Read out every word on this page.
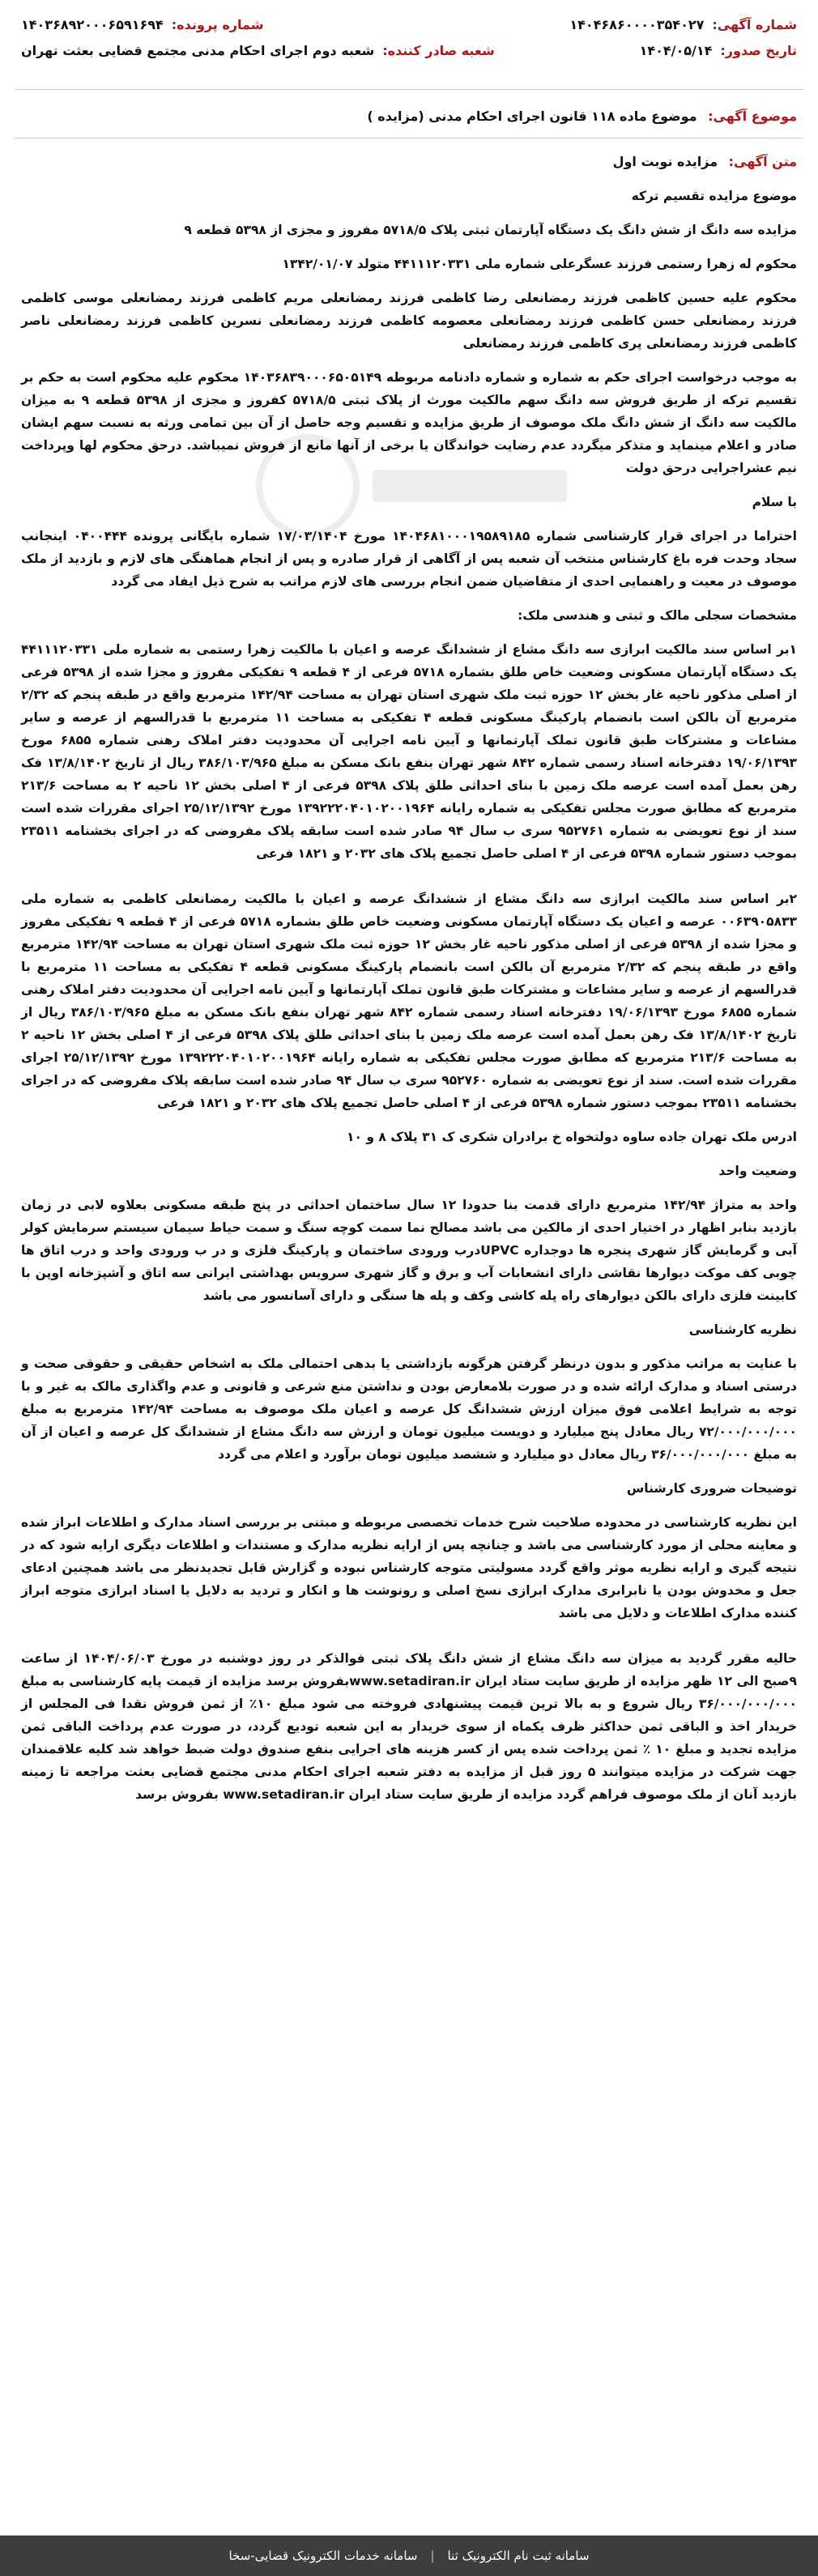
شماره آگهی:
۱۴۰۴۶۸۶۰۰۰۰۳۵۴۰۲۷
شماره پرونده:
۱۴۰۳۶۸۹۲۰۰۰۶۵۹۱۶۹۴
تاریخ صدور:
۱۴۰۴/۰۵/۱۴
شعبه صادر کننده:
شعبه دوم اجرای احکام مدنی مجتمع قضایی بعثت تهران
موضوع آگهی: موضوع ماده ۱۱۸ قانون اجرای احکام مدنی (مزایده )
متن آگهی: مزایده نوبت اول

موضوع مزایده تقسیم ترکه

مزایده سه دانگ از شش دانگ یک دستگاه آپارتمان ثبتی پلاک ۵۷۱۸/۵ مفروز و مجزی از ۵۳۹۸ قطعه ۹

محکوم له زهرا رستمی فرزند عسگرعلی شماره ملی ۴۴۱۱۱۲۰۳۳۱ متولد ۱۳۴۲/۰۱/۰۷

محکوم علیه حسین کاظمی فرزند رمضانعلی رضا کاظمی فرزند رمضانعلی مریم کاظمی فرزند رمضانعلی موسی کاظمی فرزند رمضانعلی حسن کاظمی فرزند رمضانعلی معصومه کاظمی فرزند رمضانعلی نسرین کاظمی فرزند رمضانعلی ناصر کاظمی فرزند رمضانعلی پری کاظمی فرزند رمضانعلی

به موجب درخواست اجرای حکم به شماره و شماره دادنامه مربوطه ۱۴۰۳۶۸۳۹۰۰۰۶۵۰۵۱۴۹ محکوم علیه محکوم است به حکم بر تقسیم ترکه از طریق فروش سه دانگ سهم مالکیت مورث از پلاک ثبتی ۵۷۱۸/۵ کفروز و مجزی از ۵۳۹۸ قطعه ۹ به میزان مالکیت سه دانگ از شش دانگ ملک موصوف از طریق مزایده و تقسیم وجه حاصل از آن بین تمامی ورثه به نسبت سهم ایشان صادر و اعلام مینماید و متذکر میگردد عدم رضایت خواندگان یا برخی از آنها مانع از فروش نمیباشد. درحق محکوم لها وپرداخت نیم عشراجرایی درحق دولت

با سلام

احتراما در اجرای قرار کارشناسی شماره ۱۴۰۴۶۸۱۰۰۰۱۹۵۸۹۱۸۵ مورخ ۱۷/۰۳/۱۴۰۴ شماره بایگانی پرونده ۰۴۰۰۴۴۴ اینجانب سجاد وحدت فره باغ کارشناس منتخب آن شعبه پس از آگاهی از قرار صادره و پس از انجام هماهنگی های لازم و بازدید از ملک موصوف در معیت و راهنمایی احدی از متقاضیان ضمن انجام بررسی های لازم مراتب به شرح ذیل ایفاد می گردد

مشخصات سجلی مالک و ثبتی و هندسی ملک:

۱بر اساس سند مالکیت ابرازی سه دانگ مشاع از ششدانگ عرصه و اعیان با مالکیت زهرا رستمی به شماره ملی ۴۴۱۱۱۲۰۳۳۱ یک دستگاه آپارتمان مسکونی وضعیت خاص طلق بشماره ۵۷۱۸ فرعی از ۴ قطعه ۹ تفکیکی مفروز و مجزا شده از ۵۳۹۸ فرعی از اصلی مذکور ناحیه غار بخش ۱۲ حوزه ثبت ملک شهری استان تهران به مساحت ۱۴۲/۹۴ مترمربع واقع در طبقه پنجم که ۲/۳۲ مترمربع آن بالکن است بانضمام پارکینگ مسکونی قطعه ۴ تفکیکی به مساحت ۱۱ مترمربع با قدرالسهم از عرصه و سایر مشاعات و مشترکات طبق قانون تملک آپارتمانها و آیین نامه اجرایی آن محدودیت دفتر املاک رهنی شماره ۶۸۵۵ مورخ ۱۹/۰۶/۱۳۹۳ دفترخانه اسناد رسمی شماره ۸۴۲ شهر تهران بنفع بانک مسکن به مبلغ ۳۸۶/۱۰۳/۹۶۵ ریال از تاریخ ۱۳/۸/۱۴۰۲ فک رهن بعمل آمده است عرصه ملک زمین با بنای احداثی طلق پلاک ۵۳۹۸ فرعی از ۴ اصلی بخش ۱۲ ناحیه ۲ به مساحت ۲۱۳/۶ مترمربع که مطابق صورت مجلس تفکیکی به شماره رایانه ۱۳۹۲۲۲۰۴۰۱۰۲۰۰۱۹۶۴ مورخ ۲۵/۱۲/۱۳۹۲ اجرای مقررات شده است سند از نوع تعویضی به شماره ۹۵۲۷۶۱ سری ب سال ۹۴ صادر شده است سابقه پلاک مفروضی که در اجرای بخشنامه ۲۳۵۱۱ بموجب دستور شماره ۵۳۹۸ فرعی از ۴ اصلی حاصل تجمیع پلاک های ۲۰۳۲ و ۱۸۲۱ فرعی

۲بر اساس سند مالکیت ابرازی سه دانگ مشاع از ششدانگ عرصه و اعیان با مالکیت رمضانعلی کاظمی به شماره ملی ۰۰۶۳۹۰۵۸۳۳ عرصه و اعیان یک دستگاه آپارتمان مسکونی وضعیت خاص طلق بشماره ۵۷۱۸ فرعی از ۴ قطعه ۹ تفکیکی مفروز و مجزا شده از ۵۳۹۸ فرعی از اصلی مذکور ناحیه غار بخش ۱۲ حوزه ثبت ملک شهری استان تهران به مساحت ۱۴۲/۹۴ مترمربع واقع در طبقه پنجم که ۲/۳۲ مترمربع آن بالکن است بانضمام پارکینگ مسکونی قطعه ۴ تفکیکی به مساحت ۱۱ مترمربع با قدرالسهم از عرصه و سایر مشاعات و مشترکات طبق قانون تملک آپارتمانها و آیین نامه اجرایی آن محدودیت دفتر املاک رهنی شماره ۶۸۵۵ مورخ ۱۹/۰۶/۱۳۹۳ دفترخانه اسناد رسمی شماره ۸۴۲ شهر تهران بنفع بانک مسکن به مبلغ ۳۸۶/۱۰۳/۹۶۵ ریال از تاریخ ۱۳/۸/۱۴۰۲ فک رهن بعمل آمده است عرصه ملک زمین با بنای احداثی طلق پلاک ۵۳۹۸ فرعی از ۴ اصلی بخش ۱۲ ناحیه ۲ به مساحت ۲۱۳/۶ مترمربع که مطابق صورت مجلس تفکیکی به شماره رایانه ۱۳۹۲۲۲۰۴۰۱۰۲۰۰۱۹۶۴ مورخ ۲۵/۱۲/۱۳۹۲ اجرای مقررات شده است. سند از نوع تعویضی به شماره ۹۵۲۷۶۰ سری ب سال ۹۴ صادر شده است سابقه پلاک مفروضی که در اجرای بخشنامه ۲۳۵۱۱ بموجب دستور شماره ۵۳۹۸ فرعی از ۴ اصلی حاصل تجمیع پلاک های ۲۰۳۲ و ۱۸۲۱ فرعی

ادرس ملک تهران جاده ساوه دولتخواه خ برادران شکری ک ۳۱ پلاک ۸ و ۱۰

وضعیت واحد

واحد به متراژ ۱۴۲/۹۴ مترمربع دارای قدمت بنا حدودا ۱۲ سال ساختمان احداثی در پنج طبقه مسکونی بعلاوه لابی در زمان بازدید بنابر اظهار در اختیار احدی از مالکین می باشد مصالح نما سمت کوچه سنگ و سمت حیاط سیمان سیستم سرمایش کولر آبی و گرمایش گاز شهری پنجره ها دوجداره UPVCدرب ورودی ساختمان و پارکینگ فلزی و در ب ورودی واحد و درب اتاق ها چوبی کف موکت دیوارها نقاشی دارای انشعابات آب و برق و گاز شهری سرویس بهداشتی ایرانی سه اتاق و آشپزخانه اوپن با کابینت فلزی دارای بالکن دیوارهای راه پله کاشی وکف و پله ها سنگی و دارای آسانسور می باشد

نظریه کارشناسی

با عنایت به مراتب مذکور و بدون درنظر گرفتن هرگونه بازداشتی یا بدهی احتمالی ملک به اشخاص حقیقی و حقوقی صحت و درستی اسناد و مدارک ارائه شده و در صورت بلامعارض بودن و نداشتن منع شرعی و قانونی و عدم واگذاری مالک به غیر و با توجه به شرایط اعلامی فوق میزان ارزش ششدانگ کل عرصه و اعیان ملک موصوف به مساحت ۱۴۲/۹۴ مترمربع به مبلغ ۷۲/۰۰۰/۰۰۰/۰۰۰ ریال معادل پنج میلیارد و دویست میلیون تومان و ارزش سه دانگ مشاع از ششدانگ کل عرصه و اعیان از آن به مبلغ ۳۶/۰۰۰/۰۰۰/۰۰۰ ریال معادل دو میلیارد و ششصد میلیون تومان برآورد و اعلام می گردد

توضیحات ضروری کارشناس

این نظریه کارشناسی در محدوده صلاحیت شرح خدمات تخصصی مربوطه و مبتنی بر بررسی اسناد مدارک و اطلاعات ابراز شده و معاینه محلی از مورد کارشناسی می باشد و چنانچه پس از ارایه نظریه مدارک و مستندات و اطلاعات دیگری ارایه شود که در نتیجه گیری و ارایه نظریه موثر واقع گردد مسولیتی متوجه کارشناس نبوده و گزارش قابل تجدیدنظر می باشد همچنین ادعای جعل و مخدوش بودن یا نابرابری مدارک ابرازی نسخ اصلی و رونوشت ها و انکار و تردید به دلایل یا اسناد ابرازی متوجه ابراز کننده مدارک اطلاعات و دلایل می باشد

حالیه مقرر گردید به میزان سه دانگ مشاع از شش دانگ پلاک ثبتی فوالذکر در روز دوشنبه در مورخ ۱۴۰۴/۰۶/۰۳ از ساعت ۹صبح الی ۱۲ ظهر مزایده از طریق سایت ستاد ایران www.setadiran.irبفروش برسد مزایده از قیمت پایه کارشناسی به مبلغ ۳۶/۰۰۰/۰۰۰/۰۰۰ ریال شروع و به بالا ترین قیمت پیشنهادی فروخته می شود مبلغ ۱۰٪ از ثمن فروش نقدا فی المجلس از خریدار اخذ و الباقی ثمن حداکثر ظرف یکماه از سوی خریدار به این شعبه تودیع گردد، در صورت عدم پرداخت الباقی ثمن مزایده تجدید و مبلغ ۱۰ ٪ ثمن پرداخت شده پس از کسر هزینه های اجرایی بنفع صندوق دولت ضبط خواهد شد کلیه علاقمندان جهت شرکت در مزایده میتوانند ۵ روز قبل از مزایده به دفتر شعبه اجرای احکام مدنی مجتمع قضایی بعثت مراجعه تا زمینه بازدید آنان از ملک موصوف فراهم گردد مزایده از طریق سایت ستاد ایران www.setadiran.ir بفروش برسد

سامانه ثبت نام الکترونیک ثنا
|
سامانه خدمات الکترونیک قضایی-سخا
